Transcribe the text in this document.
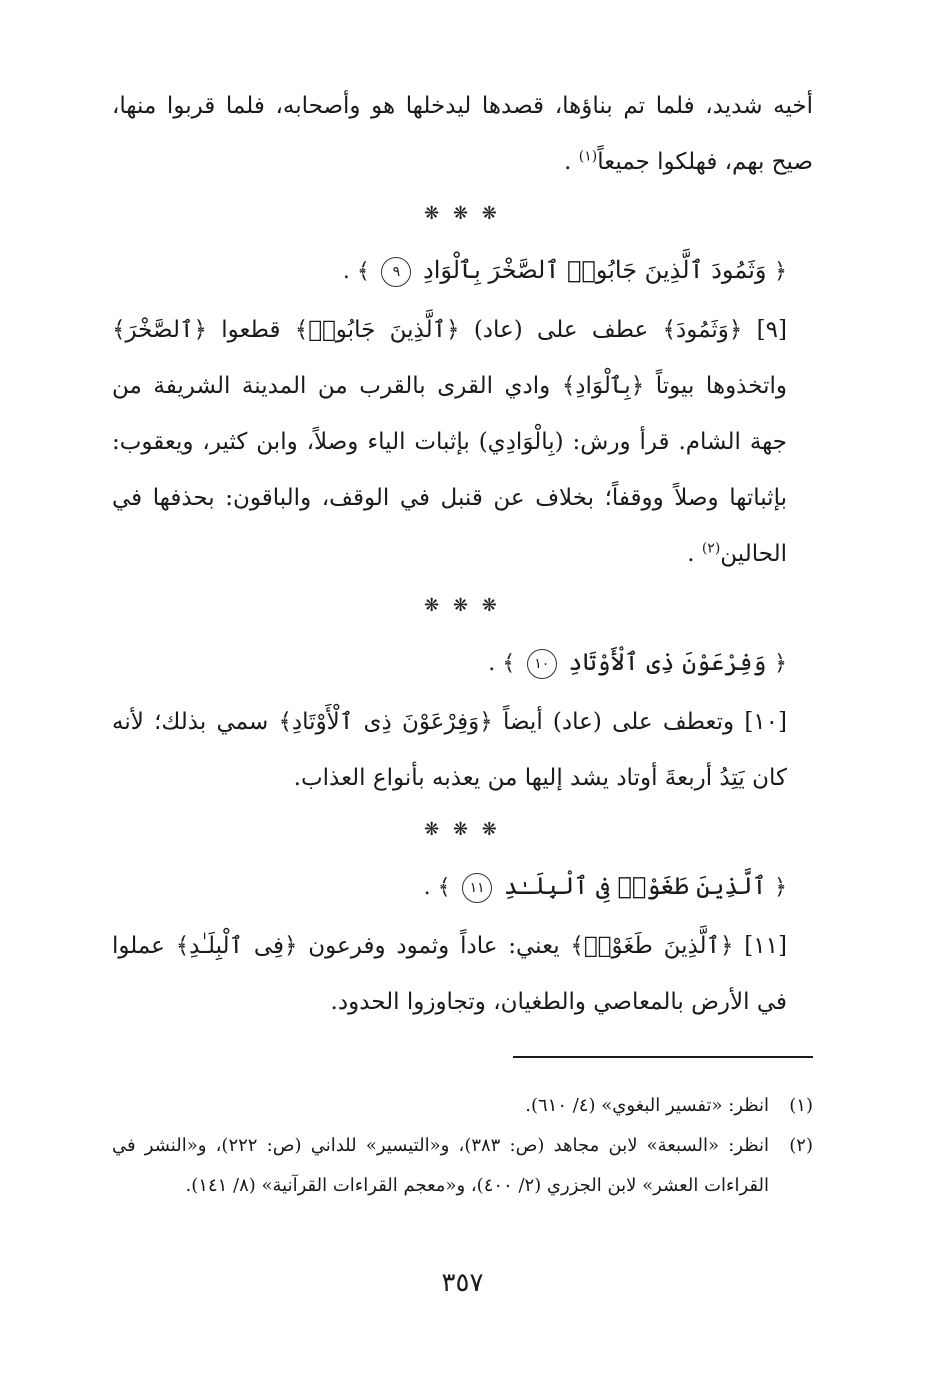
أخيه شديد، فلما تم بناؤها، قصدها ليدخلها هو وأصحابه، فلما قربوا منها، صيح بهم، فهلكوا جميعاً$^{(١)}$ .

❋ ❋ ❋

﴿ وَثَمُودَ ٱلَّذِينَ جَابُوا۟ ٱلصَّخْرَ بِٱلْوَادِ ٩ ﴾ .

[٩] ﴿وَثَمُودَ﴾ عطف على (عاد) ﴿ٱلَّذِينَ جَابُوا۟﴾ قطعوا ﴿ٱلصَّخْرَ﴾ واتخذوها بيوتاً ﴿بِٱلْوَادِ﴾ وادي القرى بالقرب من المدينة الشريفة من جهة الشام. قرأ ورش: (بِالْوَادِي) بإثبات الياء وصلاً، وابن كثير، ويعقوب: بإثباتها وصلاً ووقفاً؛ بخلاف عن قنبل في الوقف، والباقون: بحذفها في الحالين$^{(٢)}$ .

❋ ❋ ❋

﴿ وَفِرْعَوْنَ ذِى ٱلْأَوْتَادِ ١٠ ﴾ .

[١٠] وتعطف على (عاد) أيضاً ﴿وَفِرْعَوْنَ ذِى ٱلْأَوْتَادِ﴾ سمي بذلك؛ لأنه كان يَتِدُ أربعةَ أوتاد يشد إليها من يعذبه بأنواع العذاب.

❋ ❋ ❋

﴿ ٱلَّذِينَ طَغَوْا۟ فِى ٱلْبِلَـٰدِ ١١ ﴾ .

[١١] ﴿ٱلَّذِينَ طَغَوْا۟﴾ يعني: عاداً وثمود وفرعون ﴿فِى ٱلْبِلَـٰدِ﴾ عملوا في الأرض بالمعاصي والطغيان، وتجاوزوا الحدود.

(١)
انظر: «تفسير البغوي» (٤/ ٦١٠).

(٢)
انظر: «السبعة» لابن مجاهد (ص: ٣٨٣)، و«التيسير» للداني (ص: ٢٢٢)، و«النشر في القراءات العشر» لابن الجزري (٢/ ٤٠٠)، و«معجم القراءات القرآنية» (٨/ ١٤١).

٣٥٧
